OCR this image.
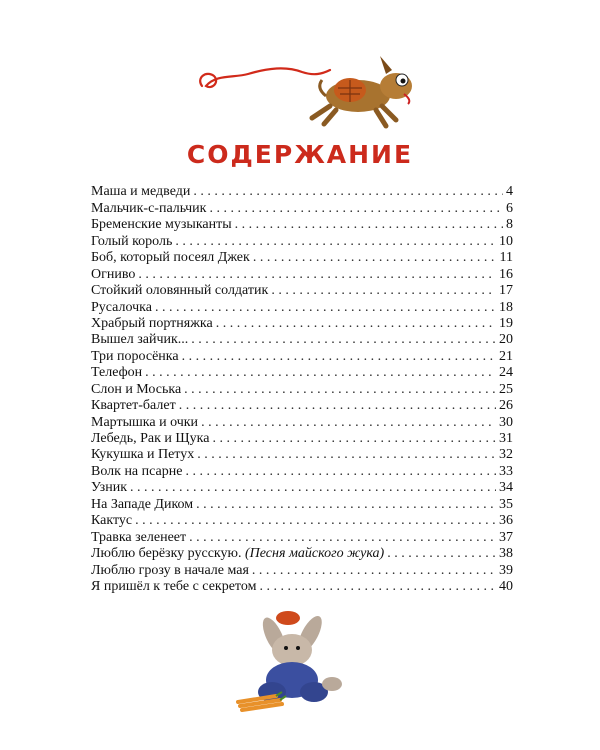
СОДЕРЖАНИЕ
Маша и медведи . . .	4
Мальчик-с-пальчик . . .	6
Бременские музыканты . . .	8
Голый король . . .	10
Боб, который посеял Джек . . .	11
Огниво . . .	16
Стойкий оловянный солдатик . . .	17
Русалочка . . .	18
Храбрый портняжка . . .	19
Вышел зайчик... . . .	20
Три поросёнка . . .	21
Телефон . . .	24
Слон и Моська . . .	25
Квартет-балет . . .	26
Мартышка и очки . . .	30
Лебедь, Рак и Щука . . .	31
Кукушка и Петух . . .	32
Волк на псарне . . .	33
Узник . . .	34
На Западе Диком . . .	35
Кактус . . .	36
Травка зеленеет . . .	37
Люблю берёзку русскую. (Песня майского жука) . . .	38
Люблю грозу в начале мая . . .	39
Я пришёл к тебе с секретом . . .	40
